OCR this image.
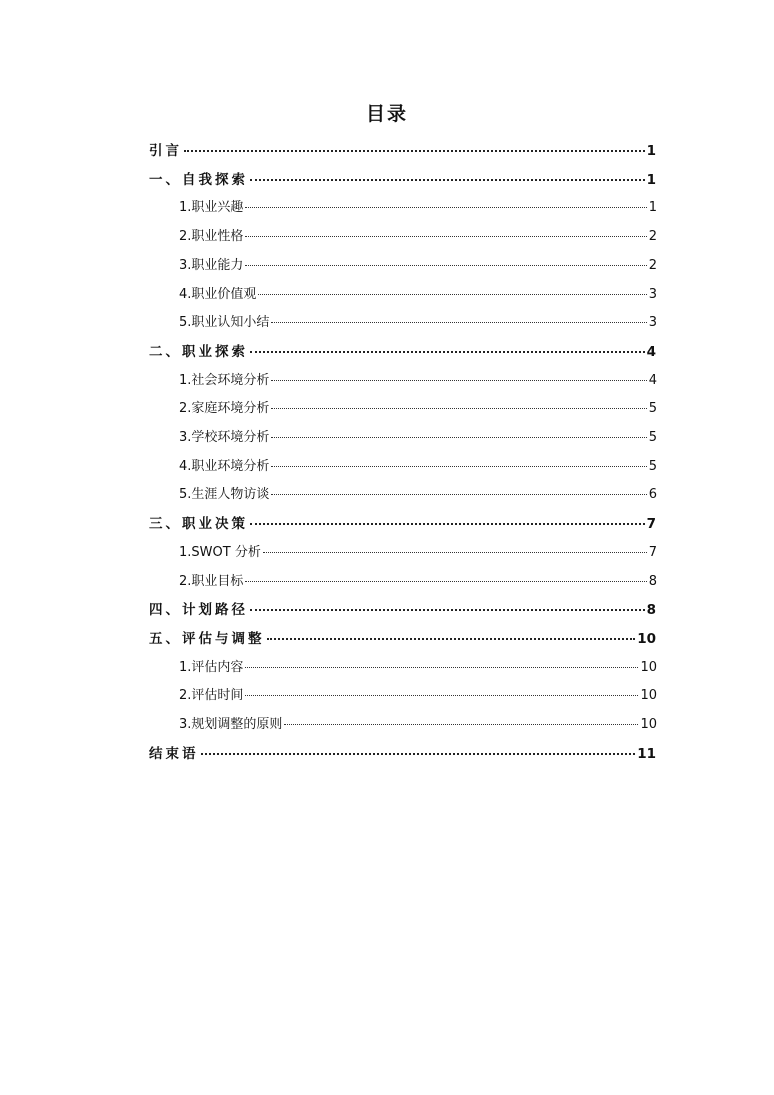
目录
引言	1
一、自我探索	1
1.职业兴趣	1
2.职业性格	2
3.职业能力	2
4.职业价值观	3
5.职业认知小结	3
二、职业探索	4
1.社会环境分析	4
2.家庭环境分析	5
3.学校环境分析	5
4.职业环境分析	5
5.生涯人物访谈	6
三、职业决策	7
1.SWOT 分析	7
2.职业目标	8
四、计划路径	8
五、评估与调整	10
1.评估内容	10
2.评估时间	10
3.规划调整的原则	10
结束语	11
